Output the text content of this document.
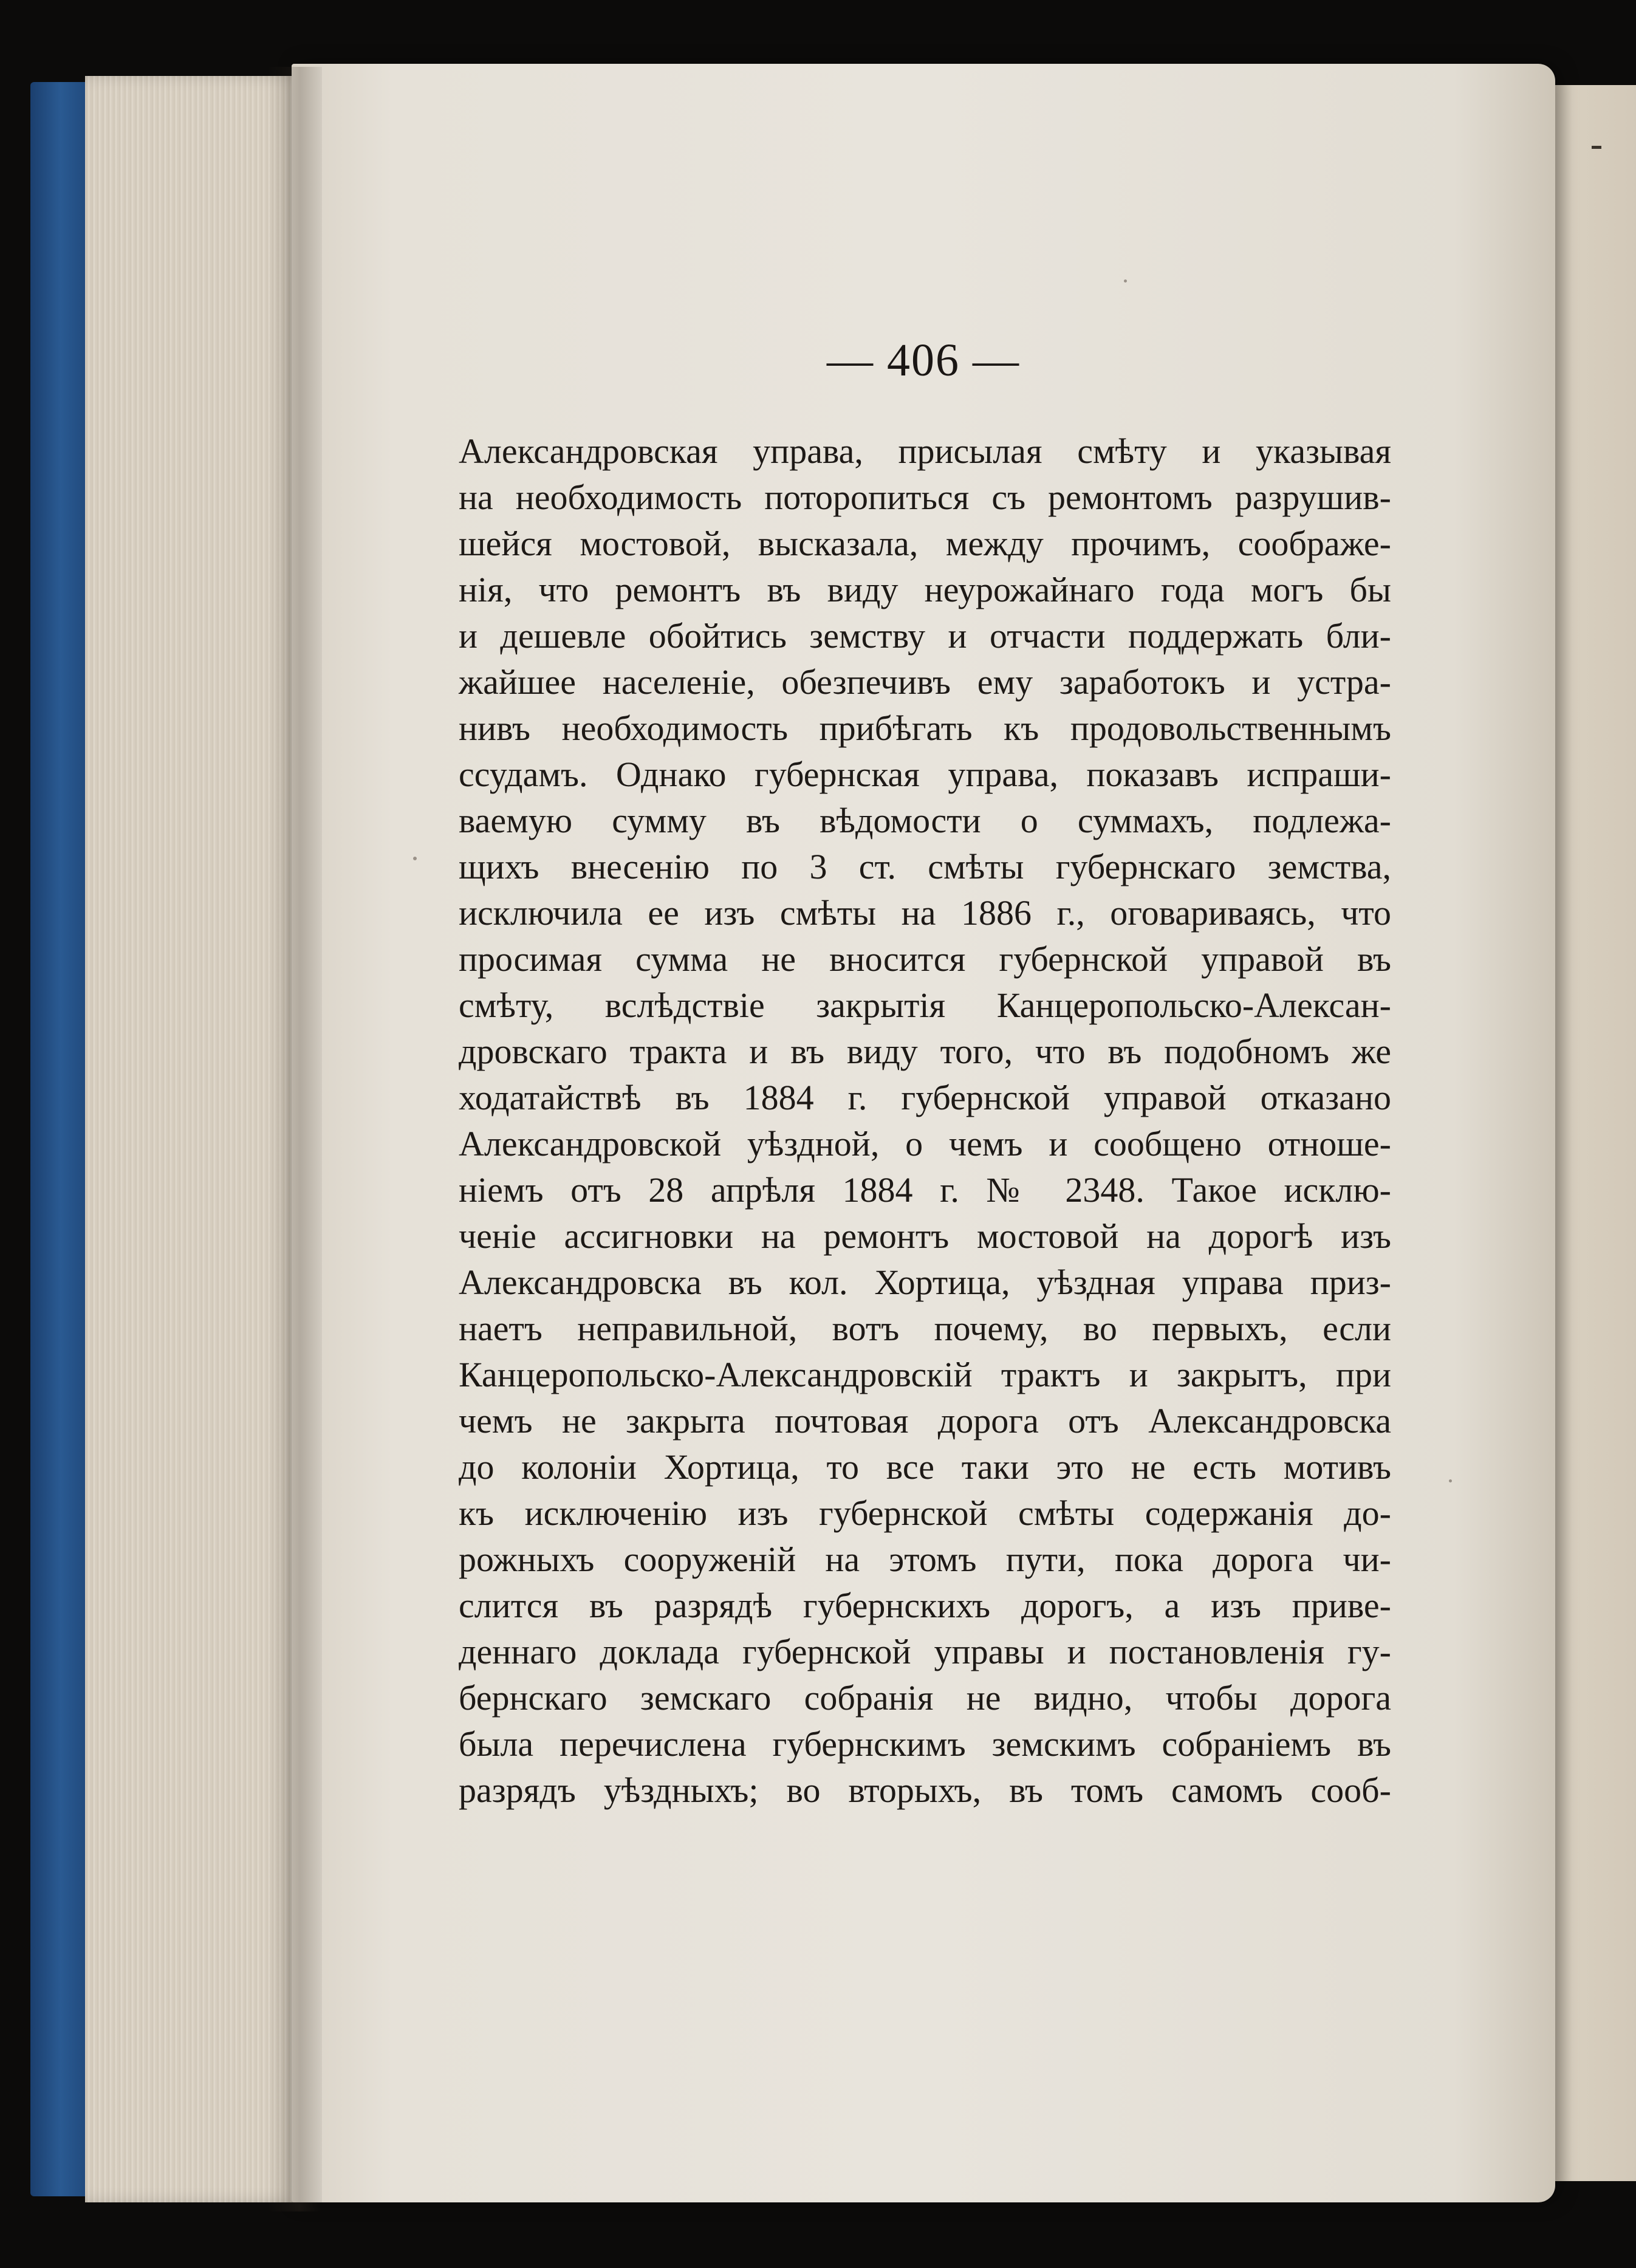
— 406 —
Александровская управа, присылая смѣту и указывая
на необходимость поторопиться съ ремонтомъ разрушив-
шейся мостовой, высказала, между прочимъ, соображе-
нія, что ремонтъ въ виду неурожайнаго года могъ бы
и дешевле обойтись земству и отчасти поддержать бли-
жайшее населеніе, обезпечивъ ему заработокъ и устра-
нивъ необходимость прибѣгать къ продовольственнымъ
ссудамъ. Однако губернская управа, показавъ испраши-
ваемую сумму въ вѣдомости о суммахъ, подлежа-
щихъ внесенію по 3 ст. смѣты губернскаго земства,
исключила ее изъ смѣты на 1886 г., оговариваясь, что
просимая сумма не вносится губернской управой въ
смѣту, вслѣдствіе закрытія Канцеропольско-Алексан-
дровскаго тракта и въ виду того, что въ подобномъ же
ходатайствѣ въ 1884 г. губернской управой отказано
Александровской уѣздной, о чемъ и сообщено отноше-
ніемъ отъ 28 апрѣля 1884 г. № 2348. Такое исклю-
ченіе ассигновки на ремонтъ мостовой на дорогѣ изъ
Александровска въ кол. Хортица, уѣздная управа приз-
наетъ неправильной, вотъ почему, во первыхъ, если
Канцеропольско-Александровскій трактъ и закрытъ, при
чемъ не закрыта почтовая дорога отъ Александровска
до колоніи Хортица, то все таки это не есть мотивъ
къ исключенію изъ губернской смѣты содержанія до-
рожныхъ сооруженій на этомъ пути, пока дорога чи-
слится въ разрядѣ губернскихъ дорогъ, а изъ приве-
деннаго доклада губернской управы и постановленія гу-
бернскаго земскаго собранія не видно, чтобы дорога
была перечислена губернскимъ земскимъ собраніемъ въ
разрядъ уѣздныхъ; во вторыхъ, въ томъ самомъ сооб-
